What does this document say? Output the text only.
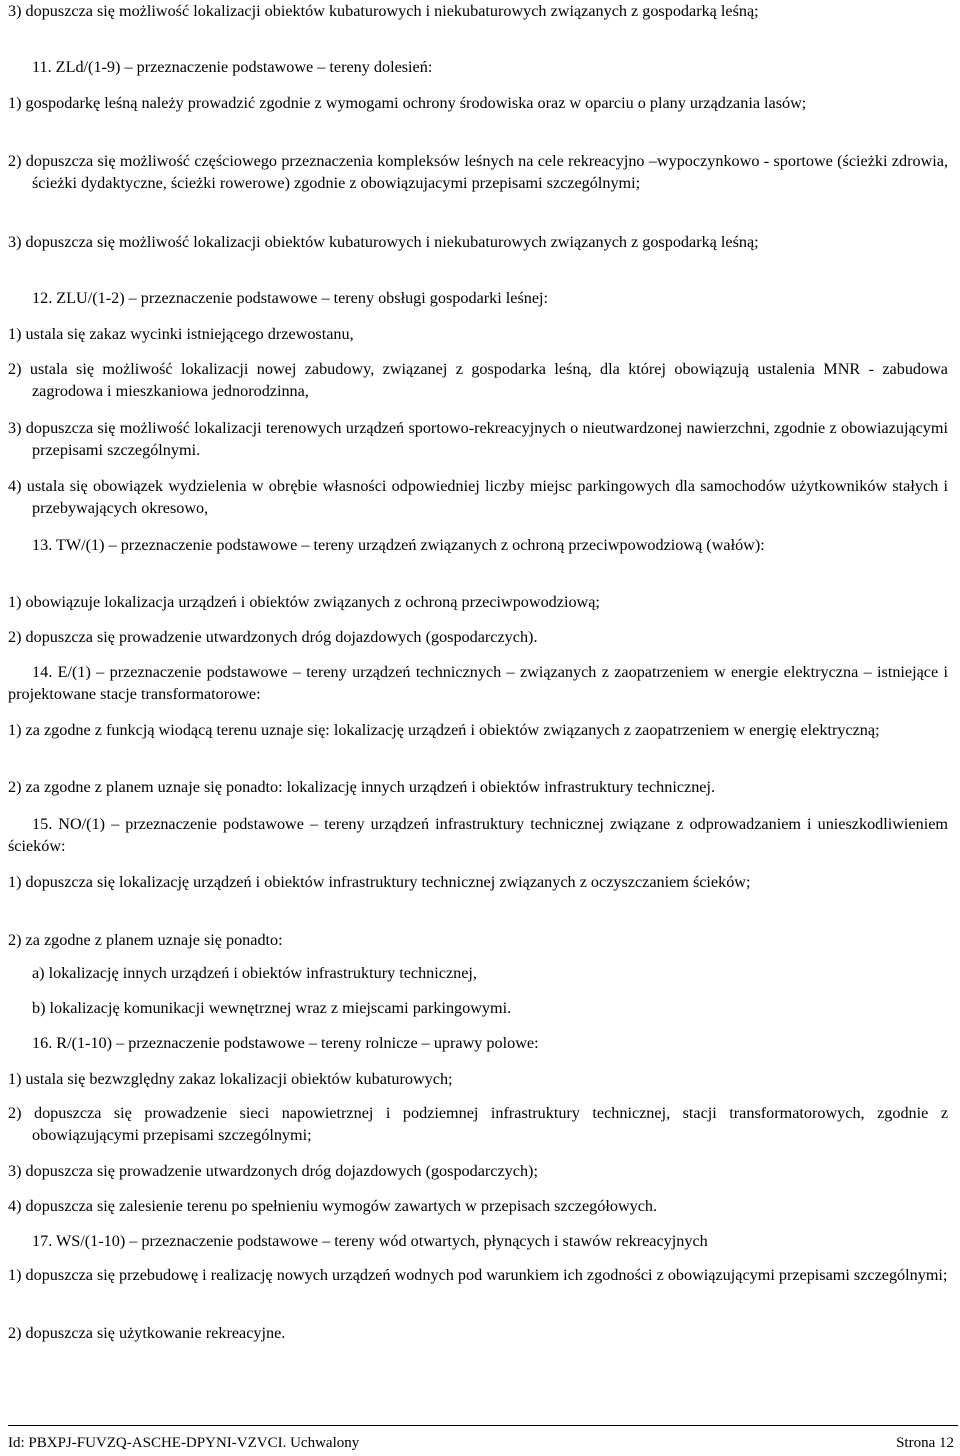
3) dopuszcza się możliwość lokalizacji obiektów kubaturowych i niekubaturowych związanych z gospodarką leśną;

11. ZLd/(1-9) – przeznaczenie podstawowe – tereny dolesień:

1) gospodarkę leśną należy prowadzić zgodnie z wymogami ochrony środowiska oraz w oparciu o plany urządzania lasów;

2) dopuszcza się możliwość częściowego przeznaczenia kompleksów leśnych na cele rekreacyjno –wypoczynkowo - sportowe (ścieżki zdrowia, ścieżki dydaktyczne, ścieżki rowerowe) zgodnie z obowiązujacymi przepisami szczególnymi;

3) dopuszcza się możliwość lokalizacji obiektów kubaturowych i niekubaturowych związanych z gospodarką leśną;

12. ZLU/(1-2) – przeznaczenie podstawowe – tereny obsługi gospodarki leśnej:

1) ustala się zakaz wycinki istniejącego drzewostanu,

2) ustala się możliwość lokalizacji nowej zabudowy, związanej z gospodarka leśną, dla której obowiązują ustalenia MNR - zabudowa zagrodowa i mieszkaniowa jednorodzinna,

3) dopuszcza się możliwość lokalizacji terenowych urządzeń sportowo-rekreacyjnych o nieutwardzonej nawierzchni, zgodnie z obowiazującymi przepisami szczególnymi.

4) ustala się obowiązek wydzielenia w obrębie własności odpowiedniej liczby miejsc parkingowych dla samochodów użytkowników stałych i przebywających okresowo,

13. TW/(1) – przeznaczenie podstawowe – tereny urządzeń związanych z ochroną przeciwpowodziową (wałów):

1) obowiązuje lokalizacja urządzeń i obiektów związanych z ochroną przeciwpowodziową;

2) dopuszcza się prowadzenie utwardzonych dróg dojazdowych (gospodarczych).

14. E/(1) – przeznaczenie podstawowe – tereny urządzeń technicznych – związanych z zaopatrzeniem w energie elektryczna – istniejące i projektowane stacje transformatorowe:

1) za zgodne z funkcją wiodącą terenu uznaje się: lokalizację urządzeń i obiektów związanych z zaopatrzeniem w energię elektryczną;

2) za zgodne z planem uznaje się ponadto: lokalizację innych urządzeń i obiektów infrastruktury technicznej.

15. NO/(1) – przeznaczenie podstawowe – tereny urządzeń infrastruktury technicznej związane z odprowadzaniem i unieszkodliwieniem ścieków:

1) dopuszcza się lokalizację urządzeń i obiektów infrastruktury technicznej związanych z oczyszczaniem ścieków;

2) za zgodne z planem uznaje się ponadto:

a) lokalizację innych urządzeń i obiektów infrastruktury technicznej,

b) lokalizację komunikacji wewnętrznej wraz z miejscami parkingowymi.

16. R/(1-10) – przeznaczenie podstawowe – tereny rolnicze – uprawy polowe:

1) ustala się bezwzględny zakaz lokalizacji obiektów kubaturowych;

2) dopuszcza się prowadzenie sieci napowietrznej i podziemnej infrastruktury technicznej, stacji transformatorowych, zgodnie z obowiązującymi przepisami szczególnymi;

3) dopuszcza się prowadzenie utwardzonych dróg dojazdowych (gospodarczych);

4) dopuszcza się zalesienie terenu po spełnieniu wymogów zawartych w przepisach szczegółowych.

17. WS/(1-10) – przeznaczenie podstawowe – tereny wód otwartych, płynących i stawów rekreacyjnych

1) dopuszcza się przebudowę i realizację nowych urządzeń wodnych pod warunkiem ich zgodności z obowiązującymi przepisami szczególnymi;

2) dopuszcza się użytkowanie rekreacyjne.

Id: PBXPJ-FUVZQ-ASCHE-DPYNI-VZVCI. Uchwalony	Strona 12
